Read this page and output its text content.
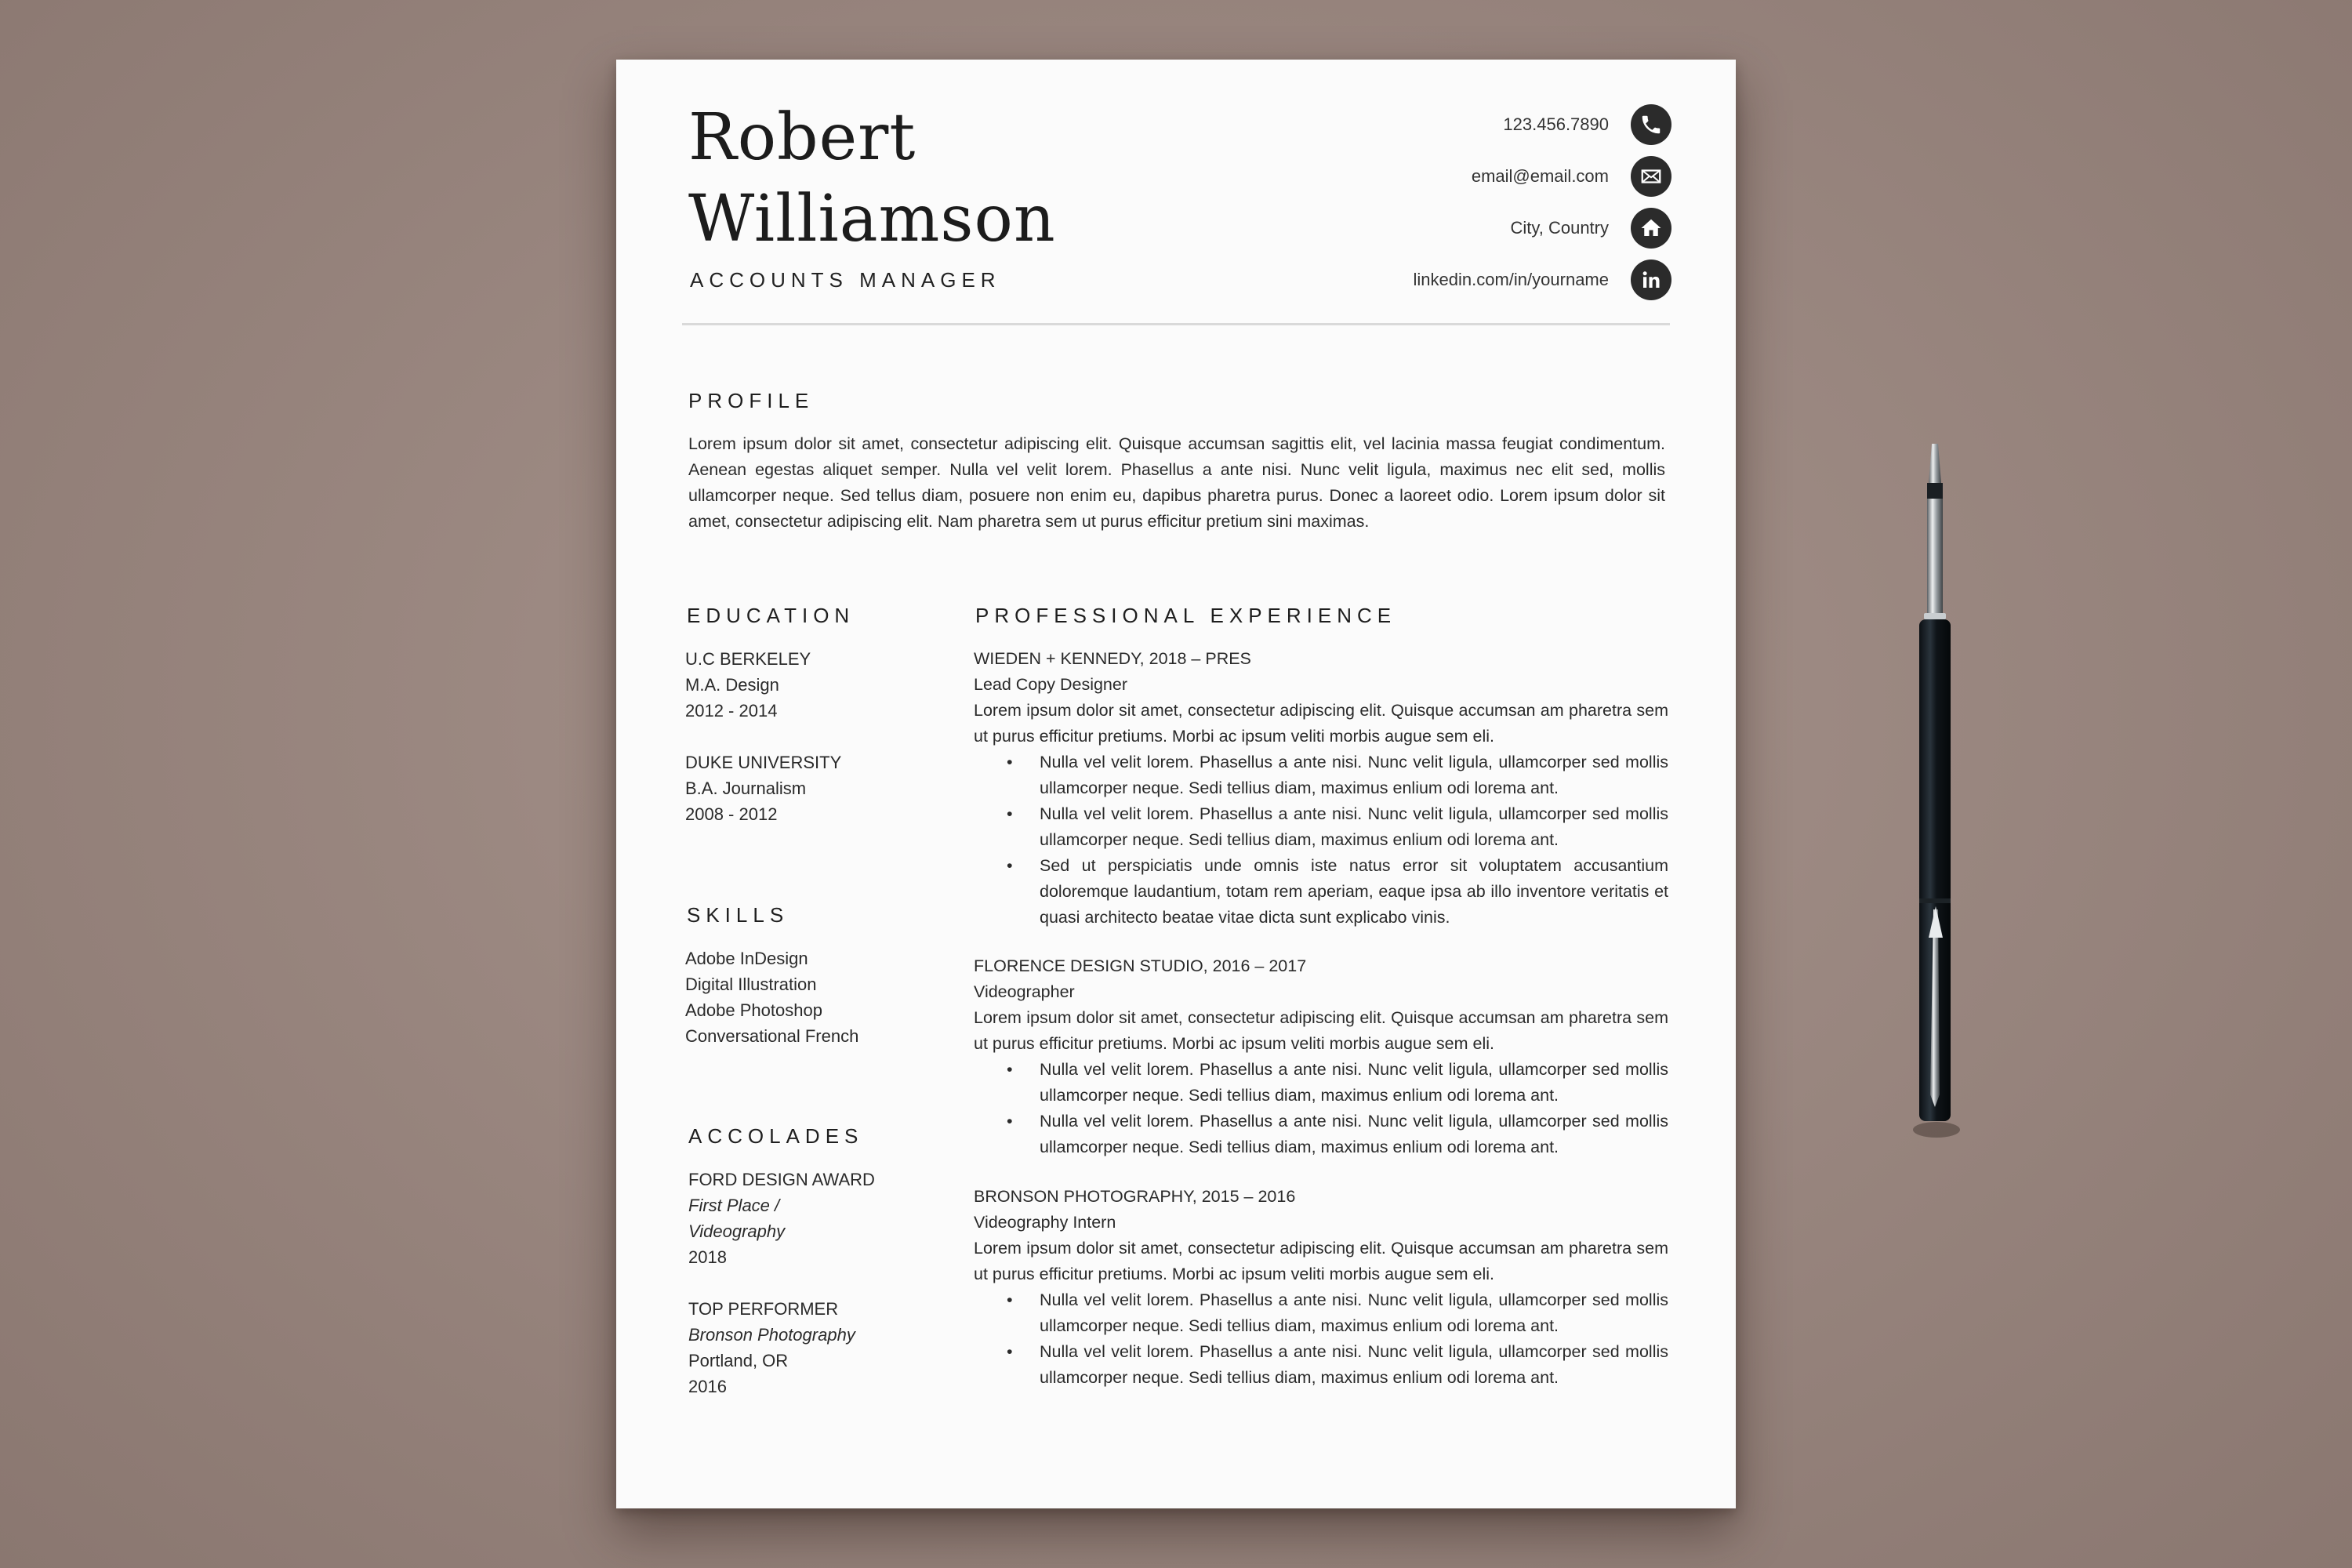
Robert
Williamson
ACCOUNTS MANAGER
123.456.7890
email@email.com
City, Country
linkedin.com/in/yourname
PROFILE
Lorem ipsum dolor sit amet, consectetur adipiscing elit. Quisque accumsan sagittis elit, vel lacinia massa feugiat condimentum. Aenean egestas aliquet semper. Nulla vel velit lorem. Phasellus a ante nisi. Nunc velit ligula, maximus nec elit sed, mollis ullamcorper neque. Sed tellus diam, posuere non enim eu, dapibus pharetra purus. Donec a laoreet odio. Lorem ipsum dolor sit amet, consectetur adipiscing elit. Nam pharetra sem ut purus efficitur pretium sini maximas.
EDUCATION
U.C BERKELEY
M.A. Design
2012 - 2014
DUKE UNIVERSITY
B.A. Journalism
2008 - 2012
SKILLS
Adobe InDesign
Digital Illustration
Adobe Photoshop
Conversational French
ACCOLADES
FORD DESIGN AWARD
First Place /
Videography
2018
TOP PERFORMER
Bronson Photography
Portland, OR
2016
PROFESSIONAL EXPERIENCE
WIEDEN + KENNEDY, 2018 – PRES
Lead Copy Designer

Lorem ipsum dolor sit amet, consectetur adipiscing elit. Quisque accumsan am pharetra sem ut purus efficitur pretiums. Morbi ac ipsum veliti morbis augue sem eli.

• Nulla vel velit lorem. Phasellus a ante nisi. Nunc velit ligula, ullamcorper sed mollis ullamcorper neque. Sedi tellius diam, maximus enlium odi lorema ant.
• Nulla vel velit lorem. Phasellus a ante nisi. Nunc velit ligula, ullamcorper sed mollis ullamcorper neque. Sedi tellius diam, maximus enlium odi lorema ant.
• Sed ut perspiciatis unde omnis iste natus error sit voluptatem accusantium doloremque laudantium, totam rem aperiam, eaque ipsa ab illo inventore veritatis et quasi architecto beatae vitae dicta sunt explicabo vinis.
FLORENCE DESIGN STUDIO, 2016 – 2017
Videographer

Lorem ipsum dolor sit amet, consectetur adipiscing elit. Quisque accumsan am pharetra sem ut purus efficitur pretiums. Morbi ac ipsum veliti morbis augue sem eli.

• Nulla vel velit lorem. Phasellus a ante nisi. Nunc velit ligula, ullamcorper sed mollis ullamcorper neque. Sedi tellius diam, maximus enlium odi lorema ant.
• Nulla vel velit lorem. Phasellus a ante nisi. Nunc velit ligula, ullamcorper sed mollis ullamcorper neque. Sedi tellius diam, maximus enlium odi lorema ant.
BRONSON PHOTOGRAPHY, 2015 – 2016
Videography Intern

Lorem ipsum dolor sit amet, consectetur adipiscing elit. Quisque accumsan am pharetra sem ut purus efficitur pretiums. Morbi ac ipsum veliti morbis augue sem eli.

• Nulla vel velit lorem. Phasellus a ante nisi. Nunc velit ligula, ullamcorper sed mollis ullamcorper neque. Sedi tellius diam, maximus enlium odi lorema ant.
• Nulla vel velit lorem. Phasellus a ante nisi. Nunc velit ligula, ullamcorper sed mollis ullamcorper neque. Sedi tellius diam, maximus enlium odi lorema ant.
